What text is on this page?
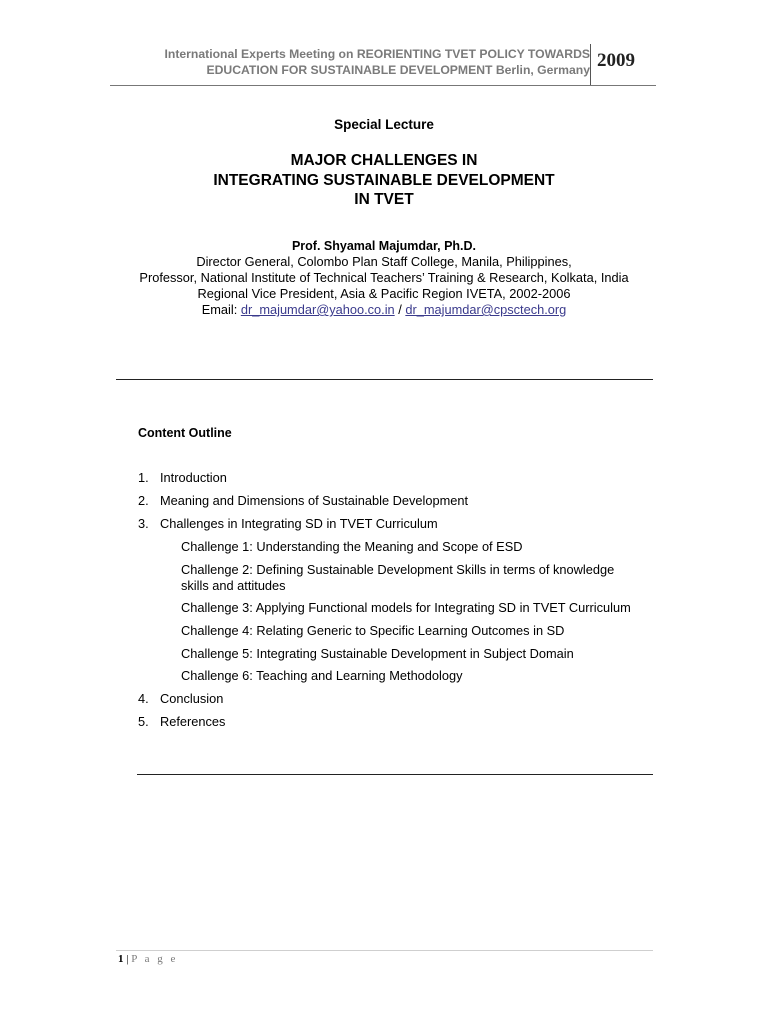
International Experts Meeting on REORIENTING TVET POLICY TOWARDS
EDUCATION FOR SUSTAINABLE DEVELOPMENT Berlin, Germany 2009
Special Lecture
MAJOR CHALLENGES IN
INTEGRATING SUSTAINABLE DEVELOPMENT
IN TVET
Prof. Shyamal Majumdar, Ph.D.
Director General, Colombo Plan Staff College, Manila, Philippines,
Professor, National Institute of Technical Teachers’ Training & Research, Kolkata, India
Regional Vice President, Asia & Pacific Region IVETA, 2002-2006
Email: dr_majumdar@yahoo.co.in / dr_majumdar@cpsctech.org
Content Outline
1. Introduction
2. Meaning and Dimensions of Sustainable Development
3. Challenges in Integrating SD in TVET Curriculum
Challenge 1: Understanding the Meaning and Scope of ESD
Challenge 2: Defining Sustainable Development Skills in terms of knowledge skills and attitudes
Challenge 3: Applying Functional models for Integrating SD in TVET Curriculum
Challenge 4: Relating Generic to Specific Learning Outcomes in SD
Challenge 5: Integrating Sustainable Development in Subject Domain
Challenge 6: Teaching and Learning Methodology
4. Conclusion
5. References
1 | P a g e
